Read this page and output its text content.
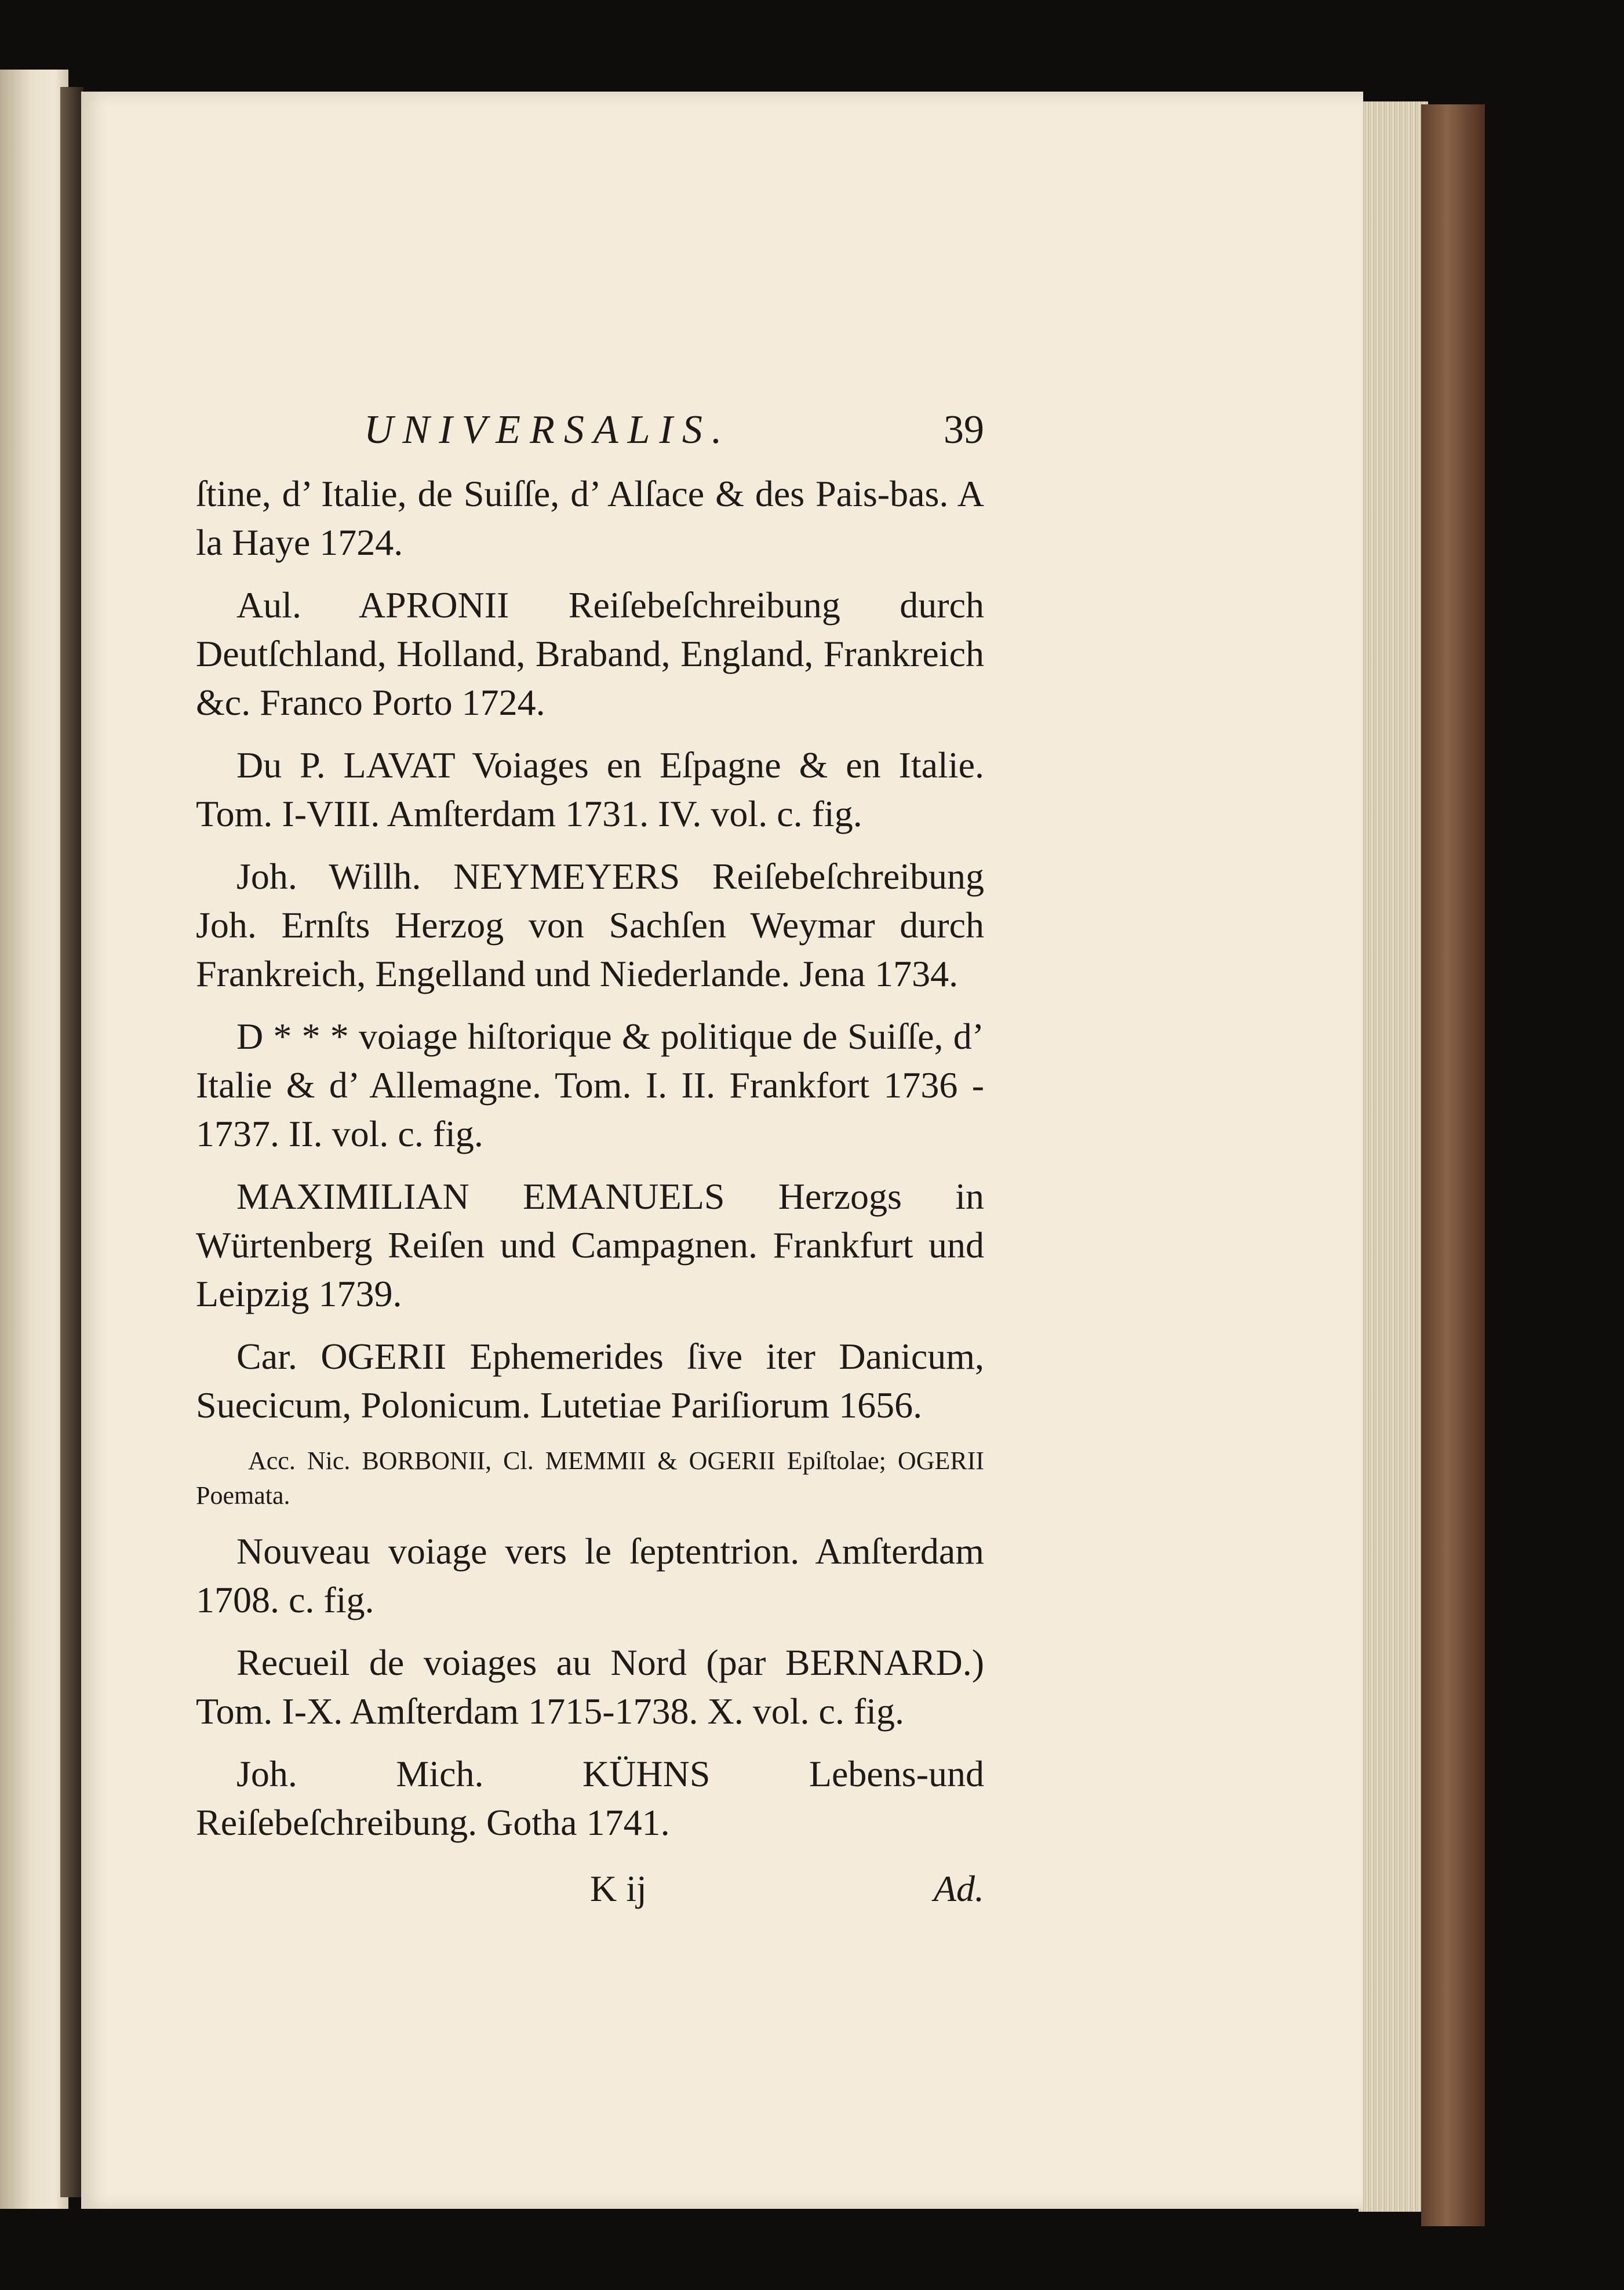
UNIVERSALIS.	39

ſtine, d’ Italie, de Suiſſe, d’ Alſace & des Pais-bas. A la Haye 1724.

Aul. APRONII Reiſebeſchreibung durch Deutſchland, Holland, Braband, England, Frankreich &c. Franco Porto 1724.

Du P. LAVAT Voiages en Eſpagne & en Italie. Tom. I-VIII. Amſterdam 1731. IV. vol. c. fig.

Joh. Willh. NEYMEYERS Reiſebeſchreibung Joh. Ernſts Herzog von Sachſen Weymar durch Frankreich, Engelland und Niederlande. Jena 1734.

D * * * voiage hiſtorique & politique de Suiſſe, d’ Italie & d’ Allemagne. Tom. I. II. Frankfort 1736 - 1737. II. vol. c. fig.

MAXIMILIAN EMANUELS Herzogs in Würtenberg Reiſen und Campagnen. Frankfurt und Leipzig 1739.

Car. OGERII Ephemerides ſive iter Danicum, Suecicum, Polonicum. Lutetiae Pariſiorum 1656.

Acc. Nic. BORBONII, Cl. MEMMII & OGERII Epiſtolae; OGERII Poemata.

Nouveau voiage vers le ſeptentrion. Amſterdam 1708. c. fig.

Recueil de voiages au Nord (par BERNARD.) Tom. I-X. Amſterdam 1715-1738. X. vol. c. fig.

Joh. Mich. KÜHNS Lebens-und Reiſebeſchreibung. Gotha 1741.

K ij	Ad.
